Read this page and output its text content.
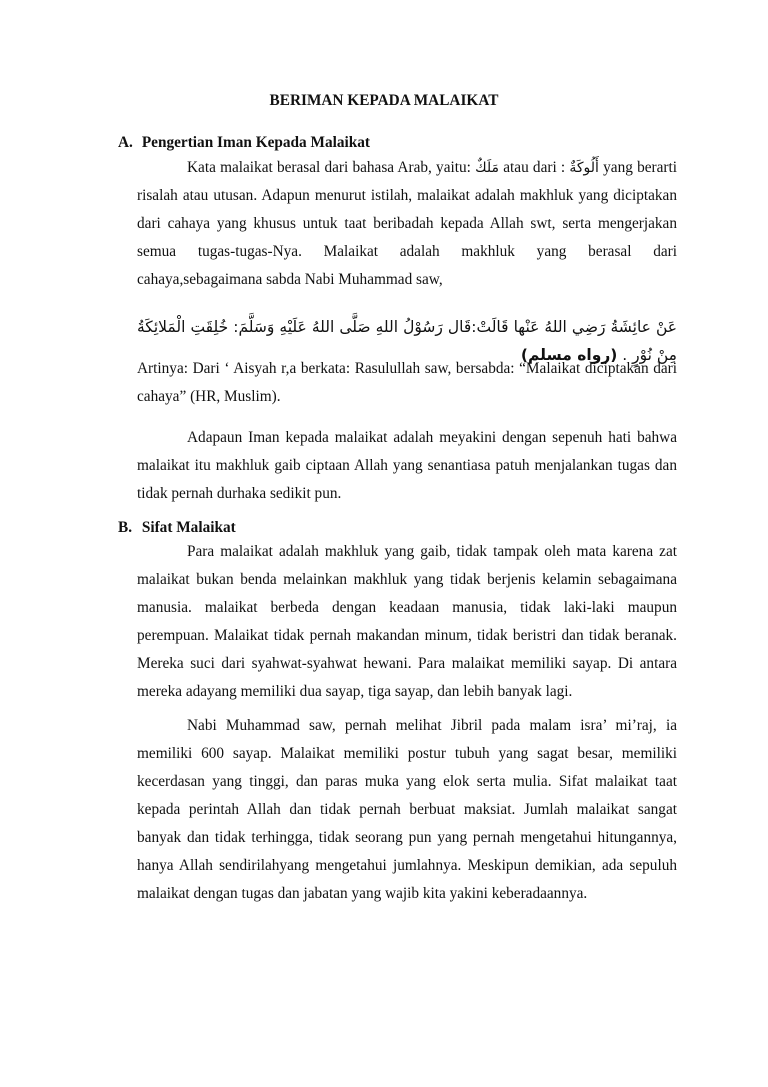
BERIMAN KEPADA MALAIKAT
A. Pengertian Iman Kepada Malaikat

Kata malaikat berasal dari bahasa Arab, yaitu: مَلَكٌ atau dari : أَلُوكَةٌ yang berarti risalah atau utusan. Adapun menurut istilah, malaikat adalah makhluk yang diciptakan dari cahaya yang khusus untuk taat beribadah kepada Allah swt, serta mengerjakan semua tugas-tugas-Nya. Malaikat adalah makhluk yang berasal dari cahaya,sebagaimana sabda Nabi Muhammad saw,

عَنْ عائِشَةُ رَضِي اللهُ عَنْها قَالَتْ:قَال رَسُوْلُ اللهِ صَلَّى اللهُ عَلَيْهِ وَسَلَّمَ: خُلِقَتِ الْمَلائِكَةُ مِنْ نُوْرٍ . (رواه مسلم)

Artinya: Dari ‘ Aisyah r,a berkata: Rasulullah saw, bersabda: “Malaikat diciptakan dari cahaya” (HR, Muslim).

Adapaun Iman kepada malaikat adalah meyakini dengan sepenuh hati bahwa malaikat itu makhluk gaib ciptaan Allah yang senantiasa patuh menjalankan tugas dan tidak pernah durhaka sedikit pun.

B. Sifat Malaikat

Para malaikat adalah makhluk yang gaib, tidak tampak oleh mata karena zat malaikat bukan benda melainkan makhluk yang tidak berjenis kelamin sebagaimana manusia. malaikat berbeda dengan keadaan manusia, tidak laki-laki maupun perempuan. Malaikat tidak pernah makandan minum, tidak beristri dan tidak beranak. Mereka suci dari syahwat-syahwat hewani. Para malaikat memiliki sayap. Di antara mereka adayang memiliki dua sayap, tiga sayap, dan lebih banyak lagi.

Nabi Muhammad saw, pernah melihat Jibril pada malam isra’ mi’raj, ia memiliki 600 sayap. Malaikat memiliki postur tubuh yang sagat besar, memiliki kecerdasan yang tinggi, dan paras muka yang elok serta mulia. Sifat malaikat taat kepada perintah Allah dan tidak pernah berbuat maksiat. Jumlah malaikat sangat banyak dan tidak terhingga, tidak seorang pun yang pernah mengetahui hitungannya, hanya Allah sendirilahyang mengetahui jumlahnya. Meskipun demikian, ada sepuluh malaikat dengan tugas dan jabatan yang wajib kita yakini keberadaannya.
